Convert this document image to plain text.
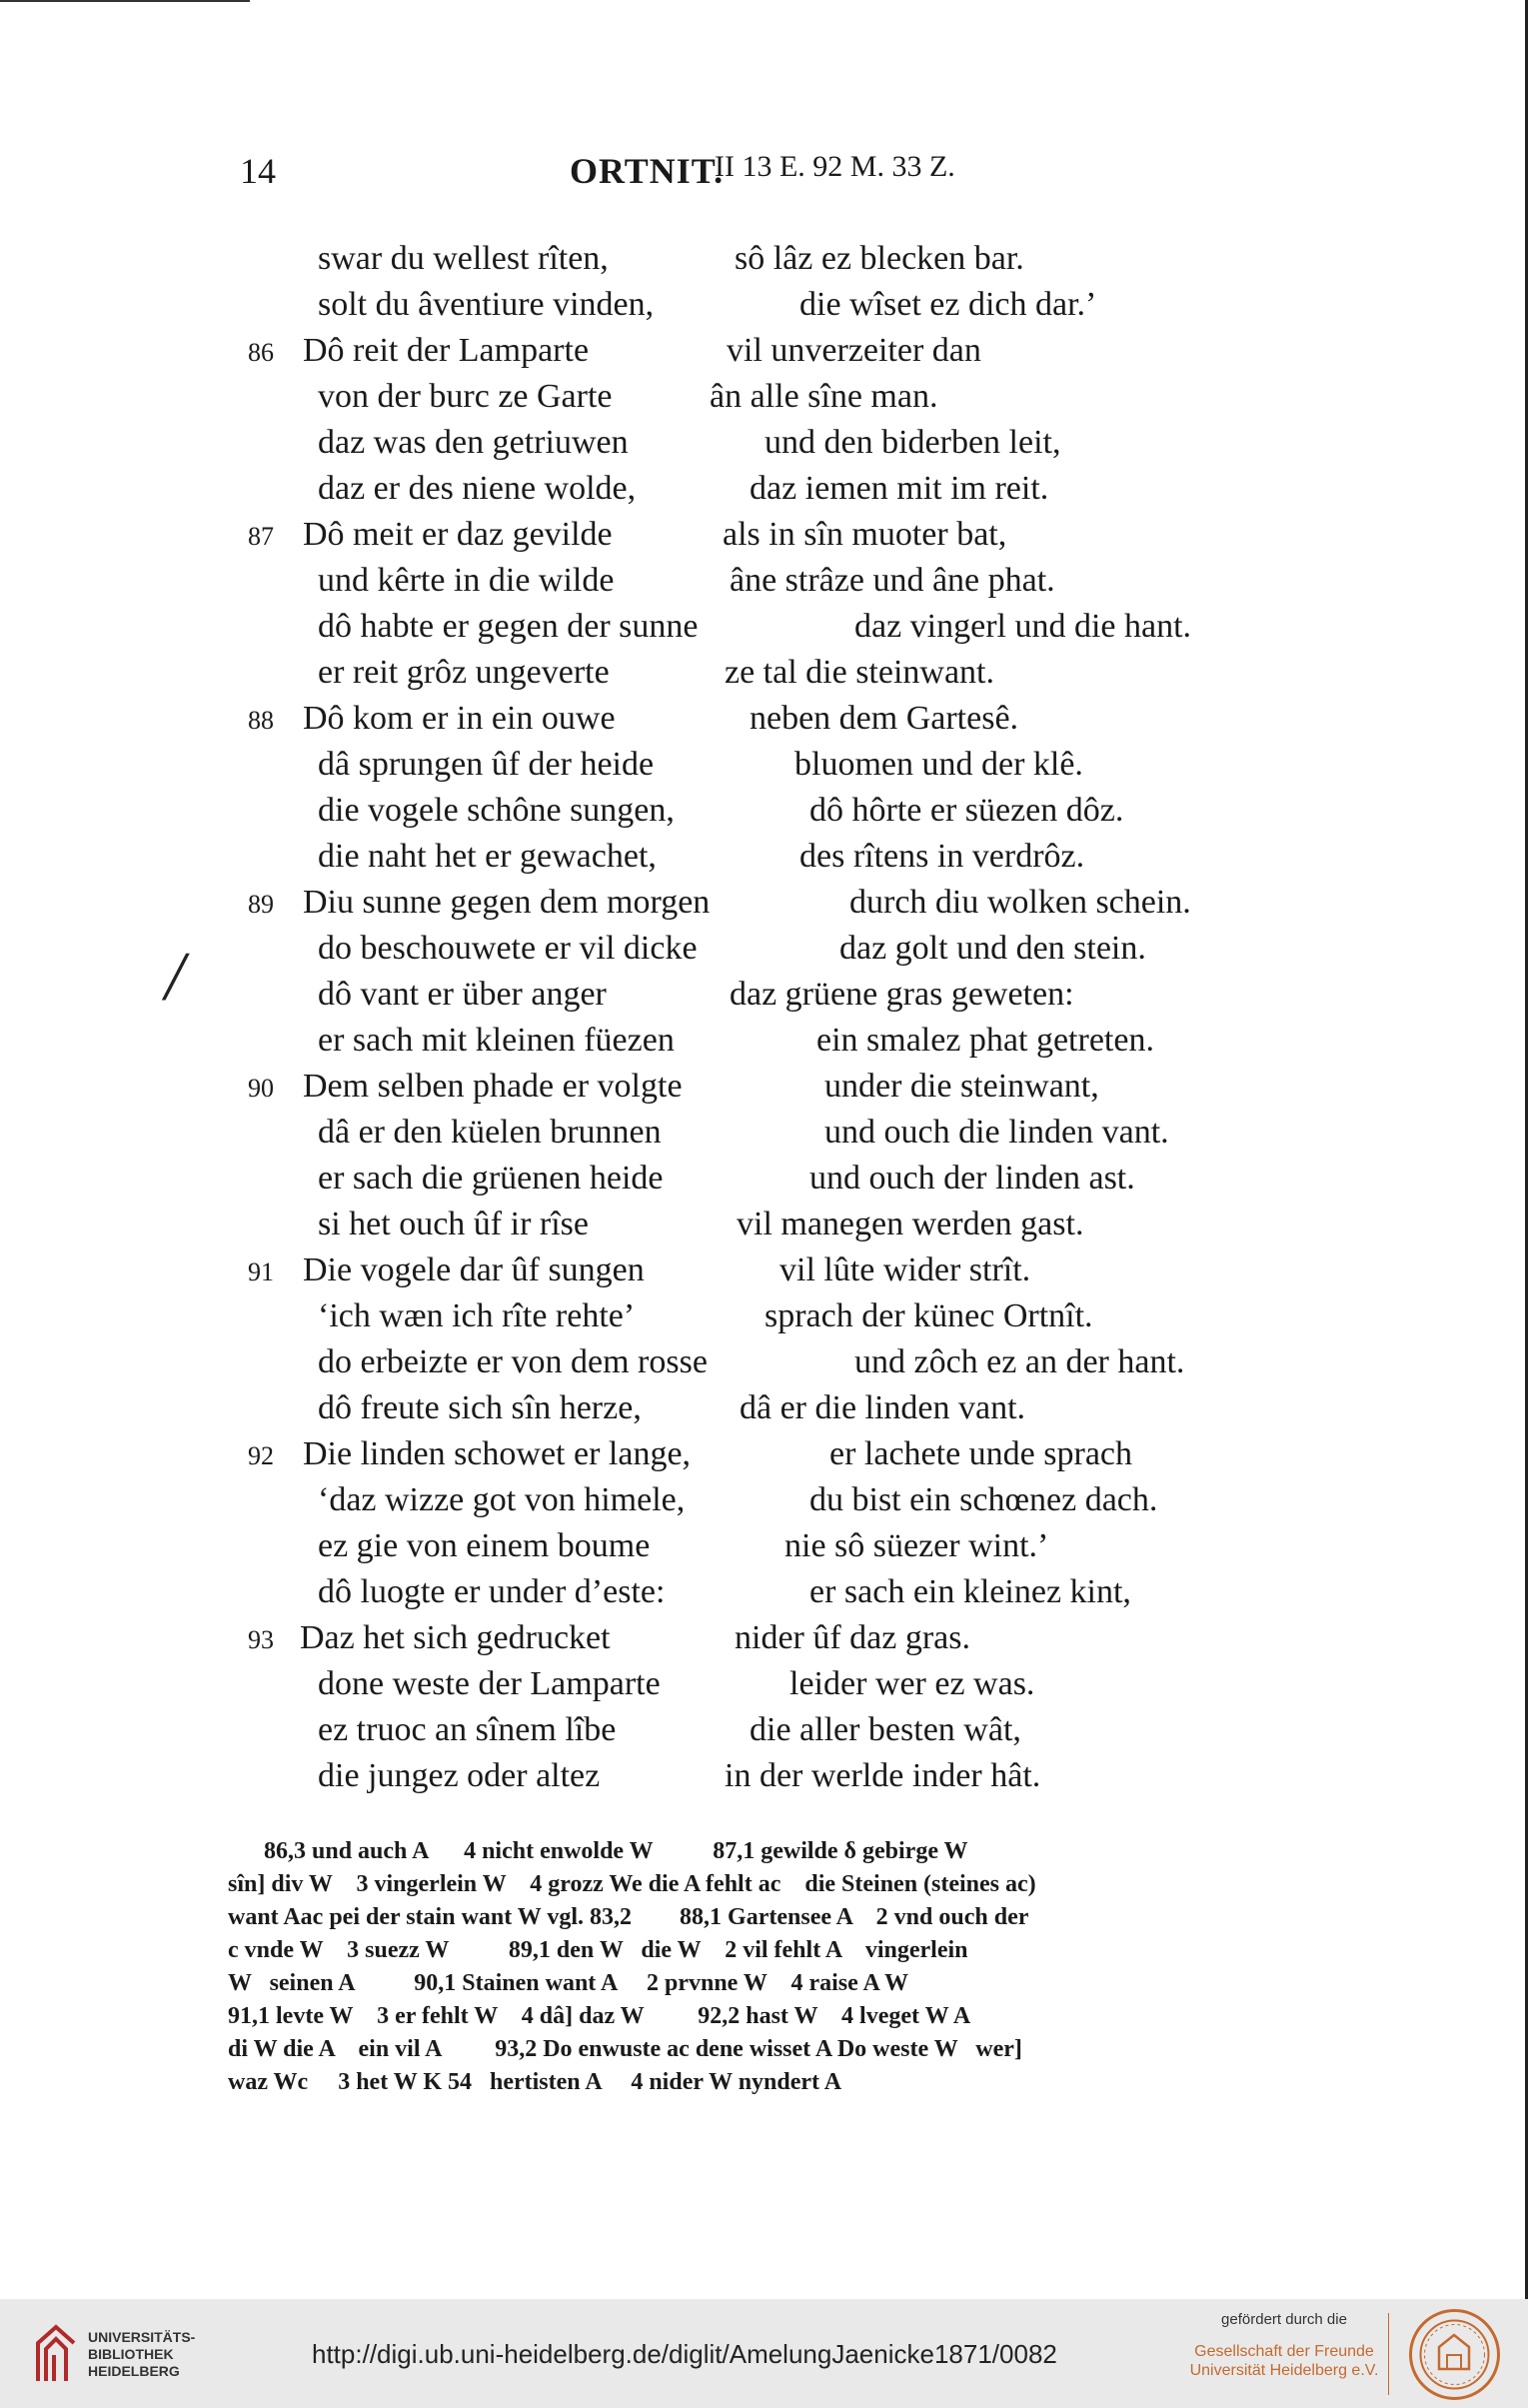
14	ORTNIT.
II 13 E. 92 M. 33 Z.
swar du wellest rîten,	sô lâz ez blecken bar.
solt du âventiure vinden,	die wîset ez dich dar.’
86 Dô reit der Lamparte	vil unverzeiter dan
von der burc ze Garte	ân alle sîne man.
daz was den getriuwen	und den biderben leit,
daz er des niene wolde,	daz iemen mit im reit.
87 Dô meit er daz gevilde	als in sîn muoter bat,
und kêrte in die wilde	âne strâze und âne phat.
dô habte er gegen der sunne	daz vingerl und die hant.
er reit grôz ungeverte	ze tal die steinwant.
88 Dô kom er in ein ouwe	neben dem Gartesê.
dâ sprungen ûf der heide	bluomen und der klê.
die vogele schône sungen,	dô hôrte er süezen dôz.
die naht het er gewachet,	des rîtens in verdrôz.
89 Diu sunne gegen dem morgen	durch diu wolken schein.
do beschouwete er vil dicke	daz golt und den stein.
dô vant er über anger	daz grüene gras geweten:
er sach mit kleinen füezen	ein smalez phat getreten.
90 Dem selben phade er volgte	under die steinwant,
dâ er den küelen brunnen	und ouch die linden vant.
er sach die grüenen heide	und ouch der linden ast.
si het ouch ûf ir rîse	vil manegen werden gast.
91 Die vogele dar ûf sungen	vil lûte wider strît.
‘ich wæn ich rîte rehte’	sprach der künec Ortnît.
do erbeizte er von dem rosse	und zôch ez an der hant.
dô freute sich sîn herze,	dâ er die linden vant.
92 Die linden schowet er lange,	er lachete unde sprach
‘daz wizze got von himele,	du bist ein schœnez dach.
ez gie von einem boume	nie sô süezer wint.’
dô luogte er under d’este:	er sach ein kleinez kint,
93 Daz het sich gedrucket	nider ûf daz gras.
done weste der Lamparte	leider wer ez was.
ez truoc an sînem lîbe	die aller besten wât,
die jungez oder altez	in der werlde inder hât.
/
86,3 und auch A      4 nicht enwolde W          87,1 gewilde δ gebirge W
sîn] div W    3 vingerlein W    4 grozz We die A fehlt ac    die Steinen (steines ac)
want Aac pei der stain want W vgl. 83,2        88,1 Gartensee A    2 vnd ouch der
c vnde W    3 suezz W          89,1 den W   die W    2 vil fehlt A    vingerlein
W   seinen A          90,1 Stainen want A     2 prvnne W    4 raise A W
91,1 levte W    3 er fehlt W    4 dâ] daz W         92,2 hast W    4 lveget W A
di W die A    ein vil A         93,2 Do enwuste ac dene wisset A Do weste W   wer]
waz Wc     3 het W K 54   hertisten A     4 nider W nyndert A
UNIVERSITÄTS-
BIBLIOTHEK
HEIDELBERG
http://digi.ub.uni-heidelberg.de/diglit/AmelungJaenicke1871/0082
gefördert durch die
Gesellschaft der Freunde
Universität Heidelberg e.V.
